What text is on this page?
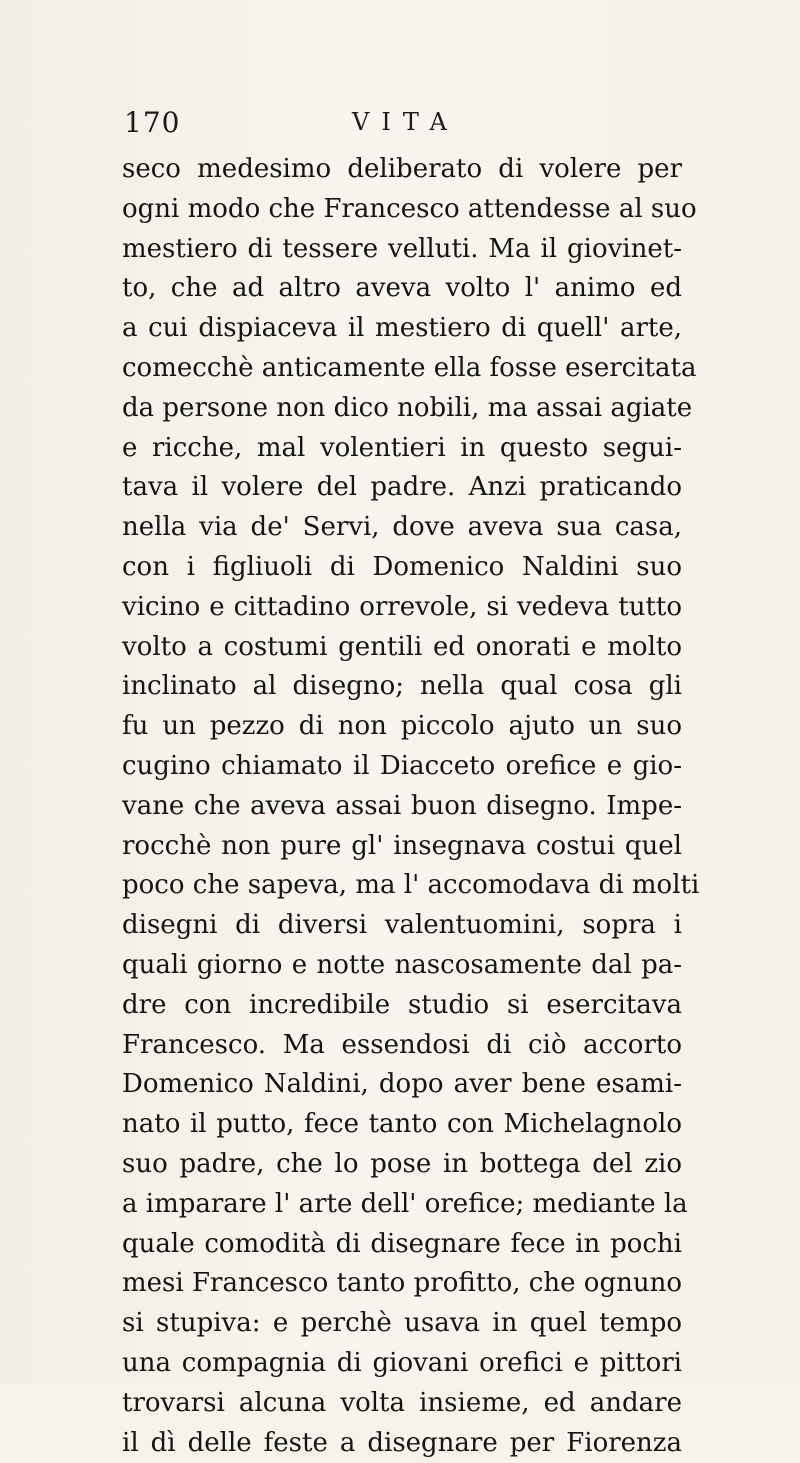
170	VITA
seco medesimo deliberato di volere per
ogni modo che Francesco attendesse al suo
mestiero di tessere velluti. Ma il giovinet-
to, che ad altro aveva volto l' animo ed
a cui dispiaceva il mestiero di quell' arte,
comecchè anticamente ella fosse esercitata
da persone non dico nobili, ma assai agiate
e ricche, mal volentieri in questo segui-
tava il volere del padre. Anzi praticando
nella via de' Servi, dove aveva sua casa,
con i figliuoli di Domenico Naldini suo
vicino e cittadino orrevole, si vedeva tutto
volto a costumi gentili ed onorati e molto
inclinato al disegno; nella qual cosa gli
fu un pezzo di non piccolo ajuto un suo
cugino chiamato il Diacceto orefice e gio-
vane che aveva assai buon disegno. Impe-
rocchè non pure gl' insegnava costui quel
poco che sapeva, ma l' accomodava di molti
disegni di diversi valentuomini, sopra i
quali giorno e notte nascosamente dal pa-
dre con incredibile studio si esercitava
Francesco. Ma essendosi di ciò accorto
Domenico Naldini, dopo aver bene esami-
nato il putto, fece tanto con Michelagnolo
suo padre, che lo pose in bottega del zio
a imparare l' arte dell' orefice; mediante la
quale comodità di disegnare fece in pochi
mesi Francesco tanto profitto, che ognuno
si stupiva: e perchè usava in quel tempo
una compagnia di giovani orefici e pittori
trovarsi alcuna volta insieme, ed andare
il dì delle feste a disegnare per Fiorenza
